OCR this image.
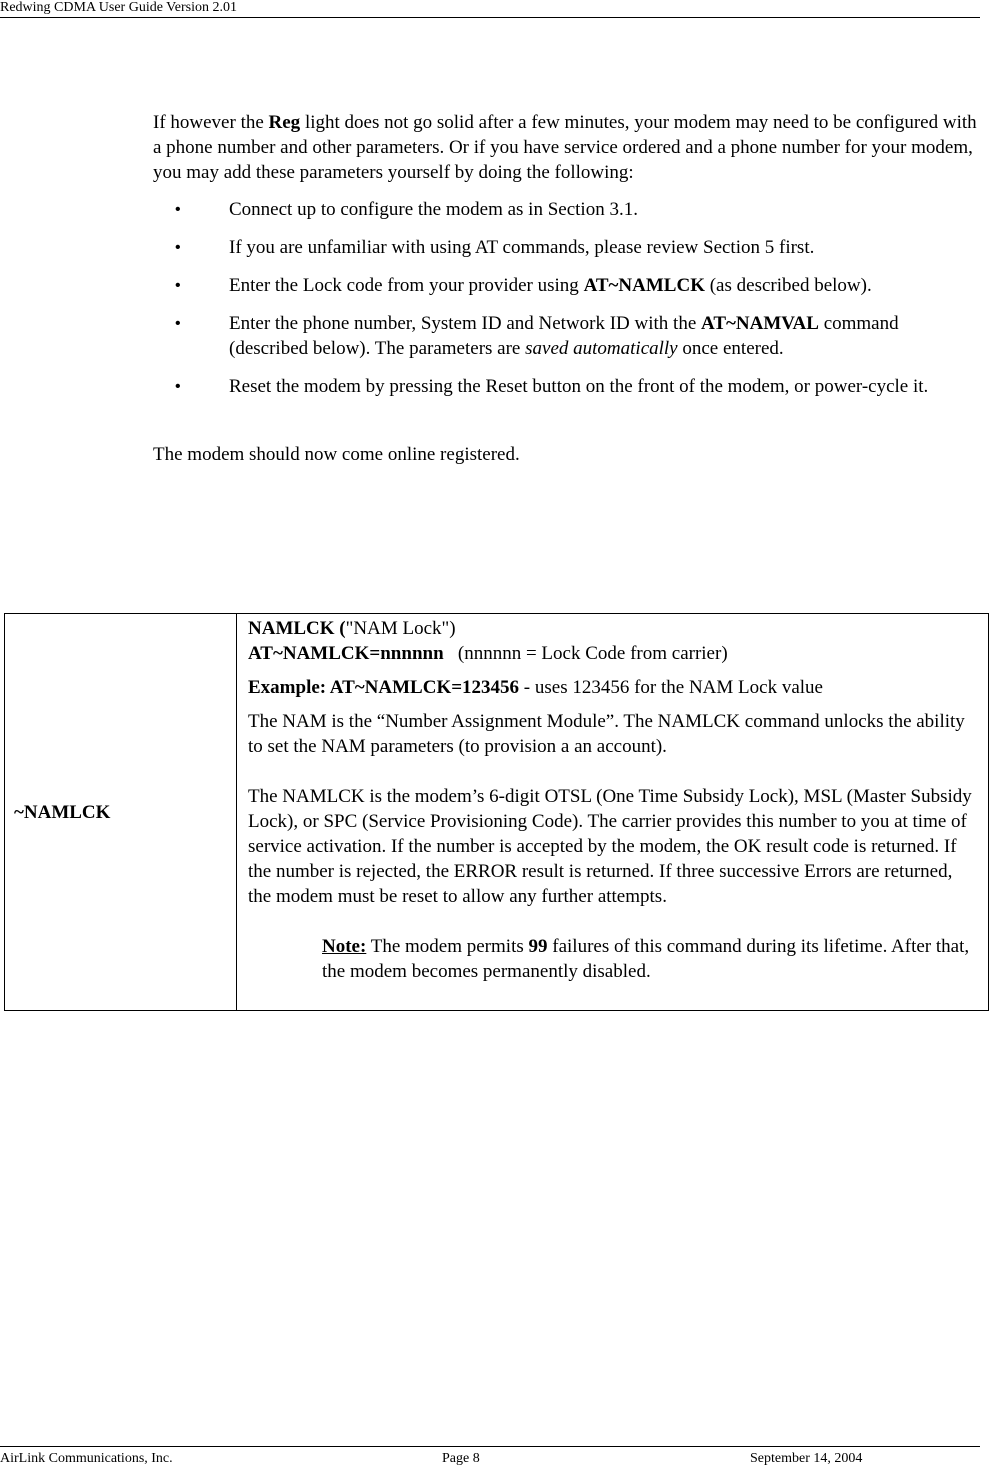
Redwing CDMA User Guide Version 2.01

If however the Reg light does not go solid after a few minutes, your modem may need to be configured with a phone number and other parameters. Or if you have service ordered and a phone number for your modem, you may add these parameters yourself by doing the following:

•	Connect up to configure the modem as in Section 3.1.
•	If you are unfamiliar with using AT commands, please review Section 5 first.
•	Enter the Lock code from your provider using AT~NAMLCK (as described below).
•	Enter the phone number, System ID and Network ID with the AT~NAMVAL command (described below). The parameters are saved automatically once entered.
•	Reset the modem by pressing the Reset button on the front of the modem, or power-cycle it.

The modem should now come online registered.

~NAMLCK	
NAMLCK ("NAM Lock")
AT~NAMLCK=nnnnnn (nnnnnn = Lock Code from carrier)
Example: AT~NAMLCK=123456 - uses 123456 for the NAM Lock value
The NAM is the “Number Assignment Module”. The NAMLCK command unlocks the ability to set the NAM parameters (to provision a an account).
The NAMLCK is the modem’s 6-digit OTSL (One Time Subsidy Lock), MSL (Master Subsidy Lock), or SPC (Service Provisioning Code). The carrier provides this number to you at time of service activation. If the number is accepted by the modem, the OK result code is returned. If the number is rejected, the ERROR result is returned. If three successive Errors are returned, the modem must be reset to allow any further attempts.
Note: The modem permits 99 failures of this command during its lifetime. After that, the modem becomes permanently disabled.
AirLink Communications, Inc.	Page 8	September 14, 2004
